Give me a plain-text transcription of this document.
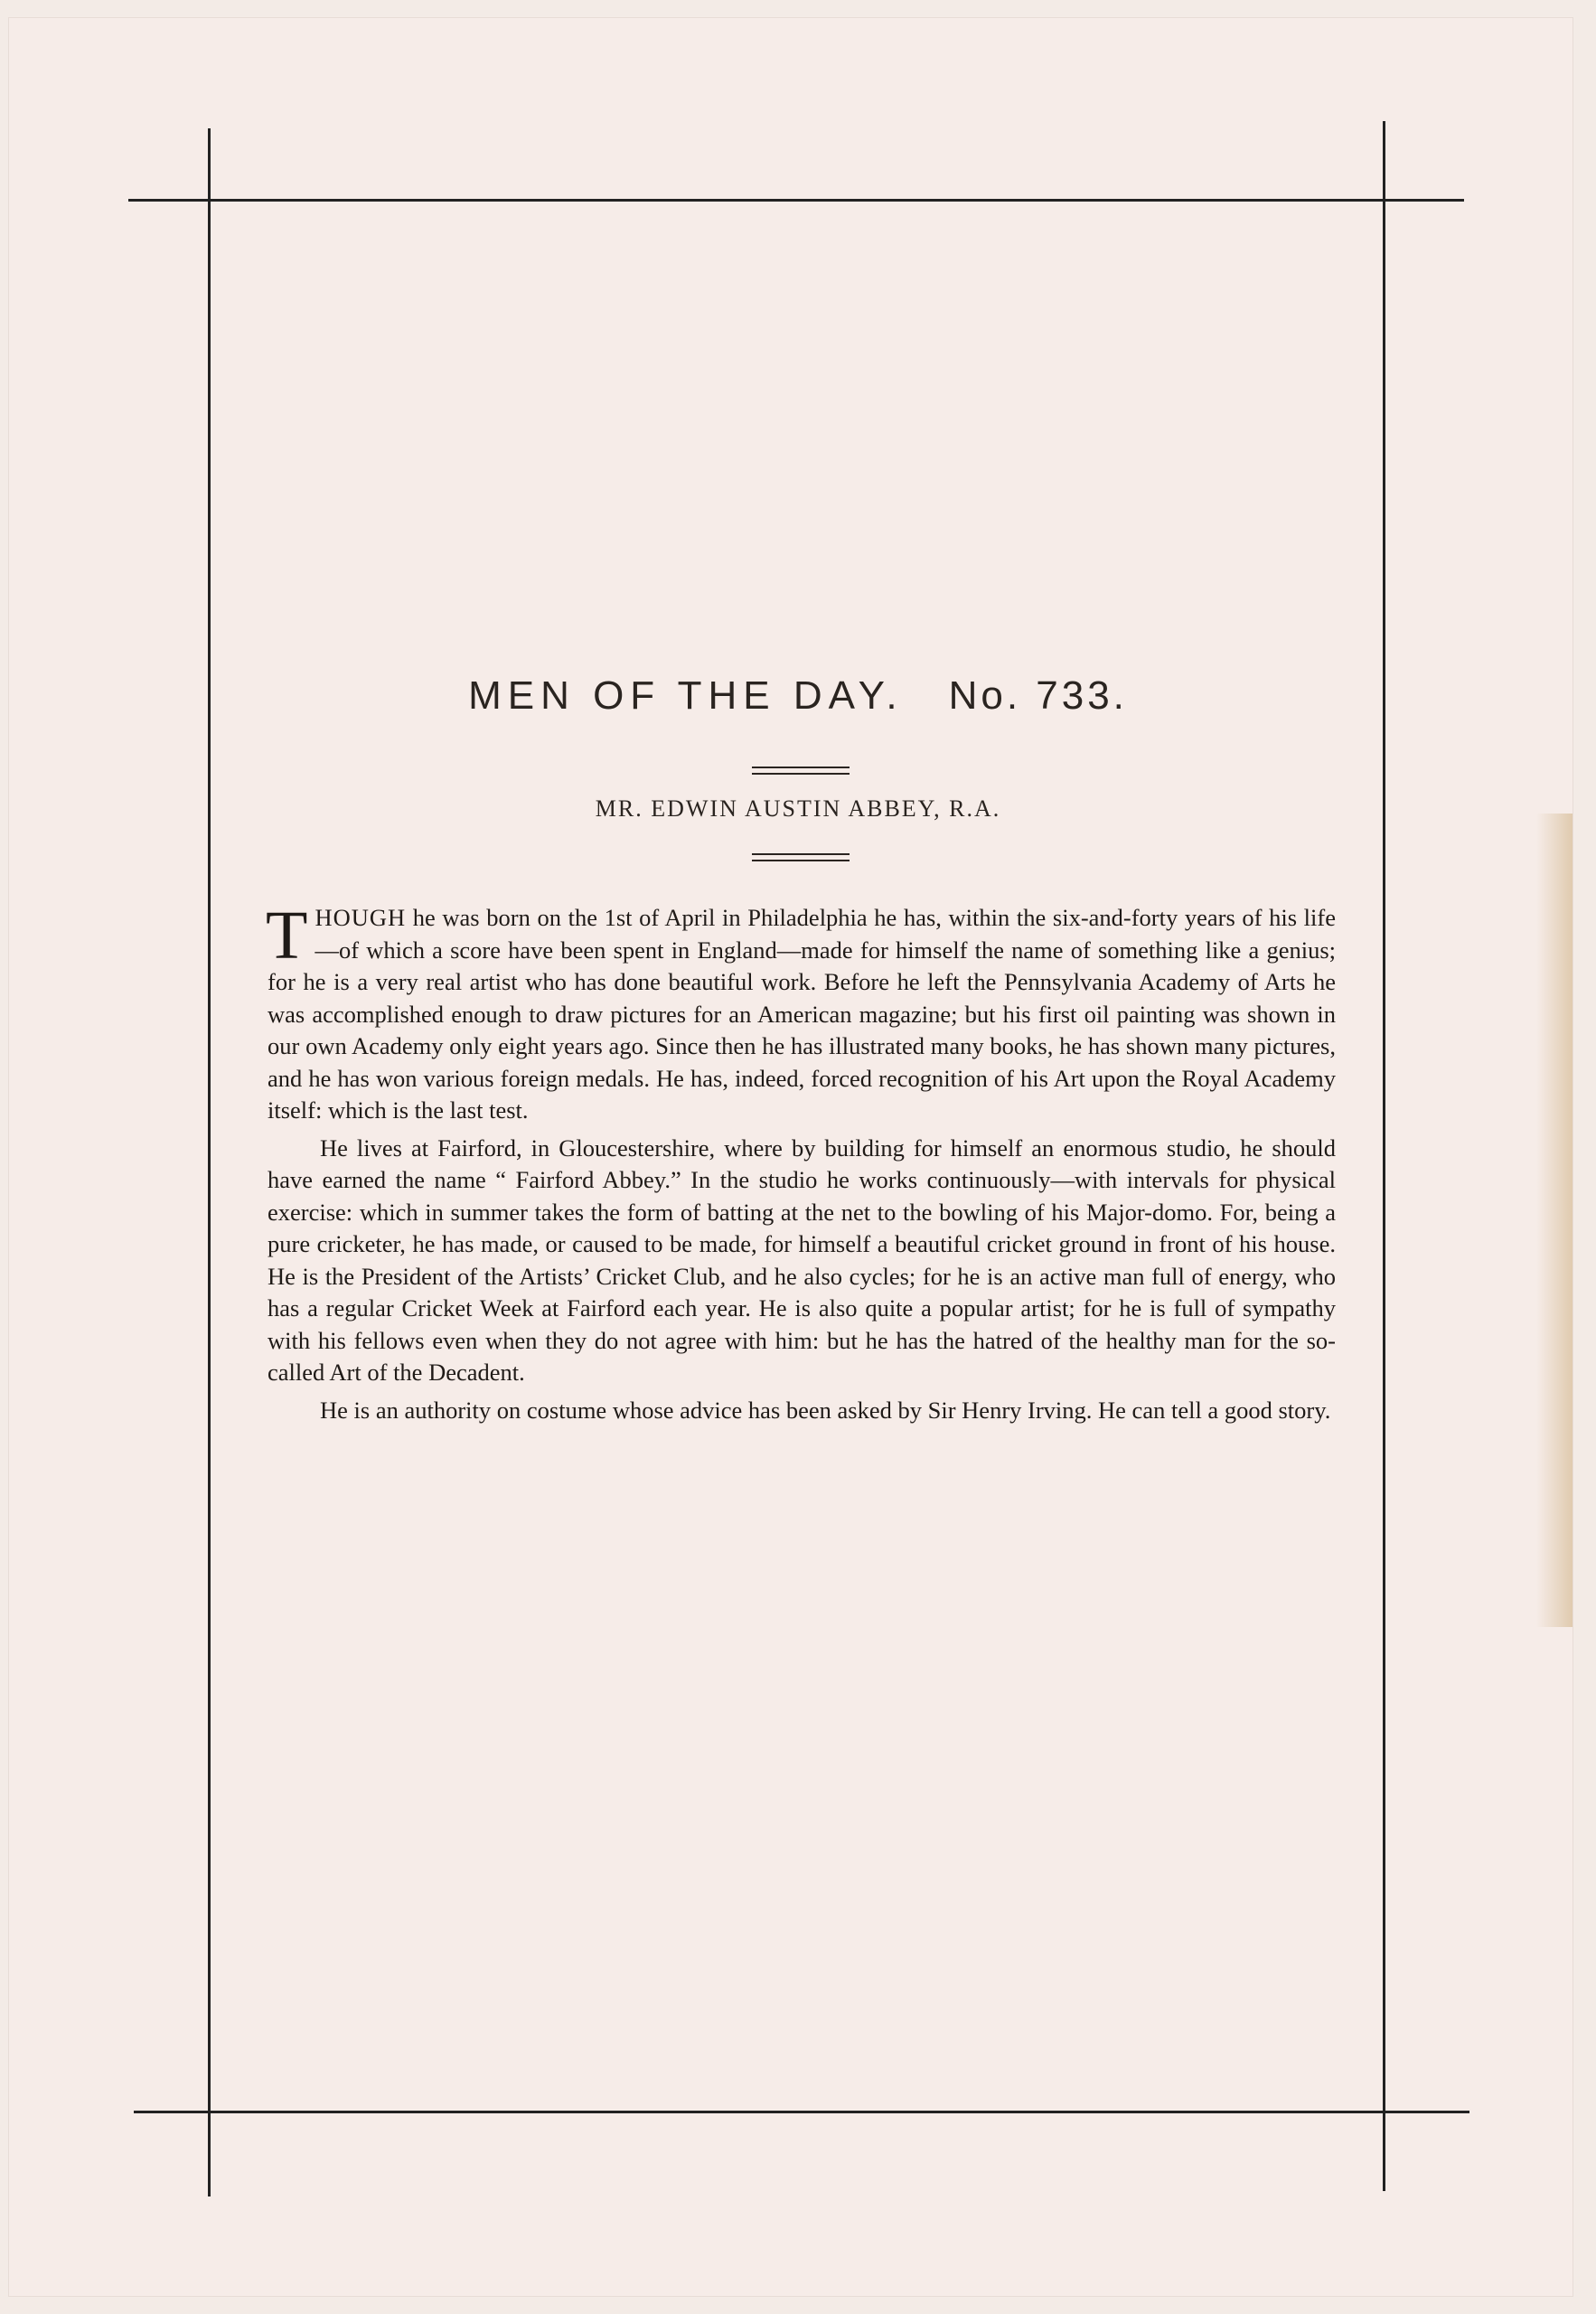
MEN OF THE DAY. No. 733.
MR. EDWIN AUSTIN ABBEY, R.A.

THOUGH he was born on the 1st of April in Philadelphia he has, within the six-and-forty years of his life—of which a score have been spent in England—made for himself the name of something like a genius; for he is a very real artist who has done beautiful work. Before he left the Pennsylvania Academy of Arts he was accomplished enough to draw pictures for an American magazine; but his first oil painting was shown in our own Academy only eight years ago. Since then he has illustrated many books, he has shown many pictures, and he has won various foreign medals. He has, indeed, forced recognition of his Art upon the Royal Academy itself: which is the last test.

He lives at Fairford, in Gloucestershire, where by building for himself an enormous studio, he should have earned the name “ Fairford Abbey.” In the studio he works continuously—with intervals for physical exercise: which in summer takes the form of batting at the net to the bowling of his Major-domo. For, being a pure cricketer, he has made, or caused to be made, for himself a beautiful cricket ground in front of his house. He is the President of the Artists’ Cricket Club, and he also cycles; for he is an active man full of energy, who has a regular Cricket Week at Fairford each year. He is also quite a popular artist; for he is full of sympathy with his fellows even when they do not agree with him: but he has the hatred of the healthy man for the so-called Art of the Decadent.

He is an authority on costume whose advice has been asked by Sir Henry Irving. He can tell a good story.
